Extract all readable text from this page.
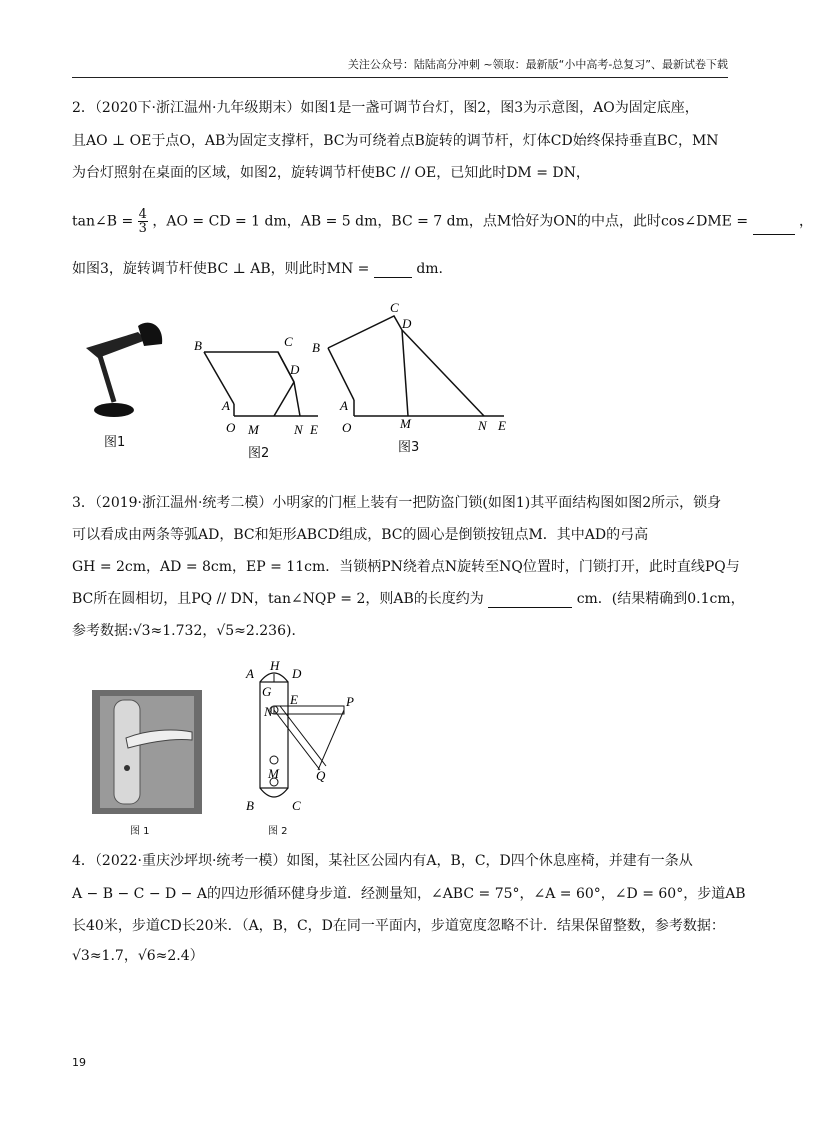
关注公众号：陆陆高分冲刺 ~领取：最新版“小中高考-总复习”、最新试卷下载
2．（2020下·浙江温州·九年级期末）如图1是一盏可调节台灯，图2，图3为示意图，AO为固定底座，
且AO ⊥ OE于点O，AB为固定支撑杆，BC为可绕着点B旋转的调节杆，灯体CD始终保持垂直BC，MN
为台灯照射在桌面的区域，如图2，旋转调节杆使BC // OE，已知此时DM = DN，
tan∠B = $\frac{4}{3}$ ，AO = CD = 1 dm，AB = 5 dm，BC = 7 dm，点M恰好为ON的中点，此时cos∠DME =	，
如图3，旋转调节杆使BC ⊥ AB，则此时MN =	dm.
图1
B	C
D
A
O M	N E
图2
B
C
D
A
O	M	N E
图3
3．（2019·浙江温州·统考二模）小明家的门框上装有一把防盗门锁(如图1)其平面结构图如图2所示，锁身
可以看成由两条等弧AD，BC和矩形ABCD组成，BC的圆心是倒锁按钮点M．其中AD的弓高
GH = 2cm，AD = 8cm，EP = 11cm．当锁柄PN绕着点N旋转至NQ位置时，门锁打开，此时直线PQ与
BC所在圆相切，且PQ // DN，tan∠NQP = 2，则AB的长度约为	cm．(结果精确到0.1cm，
参考数据:√3≈1.732，√5≈2.236)．
图 1
A
H
D
G
N
E	P
Q
M
B	C
图 2
4．（2022·重庆沙坪坝·统考一模）如图，某社区公园内有A，B，C，D四个休息座椅，并建有一条从
A − B − C − D − A的四边形循环健身步道．经测量知，∠ABC = 75°，∠A = 60°，∠D = 60°，步道AB
长40米，步道CD长20米．（A，B，C，D在同一平面内，步道宽度忽略不计．结果保留整数，参考数据：
√3≈1.7，√6≈2.4）
19
